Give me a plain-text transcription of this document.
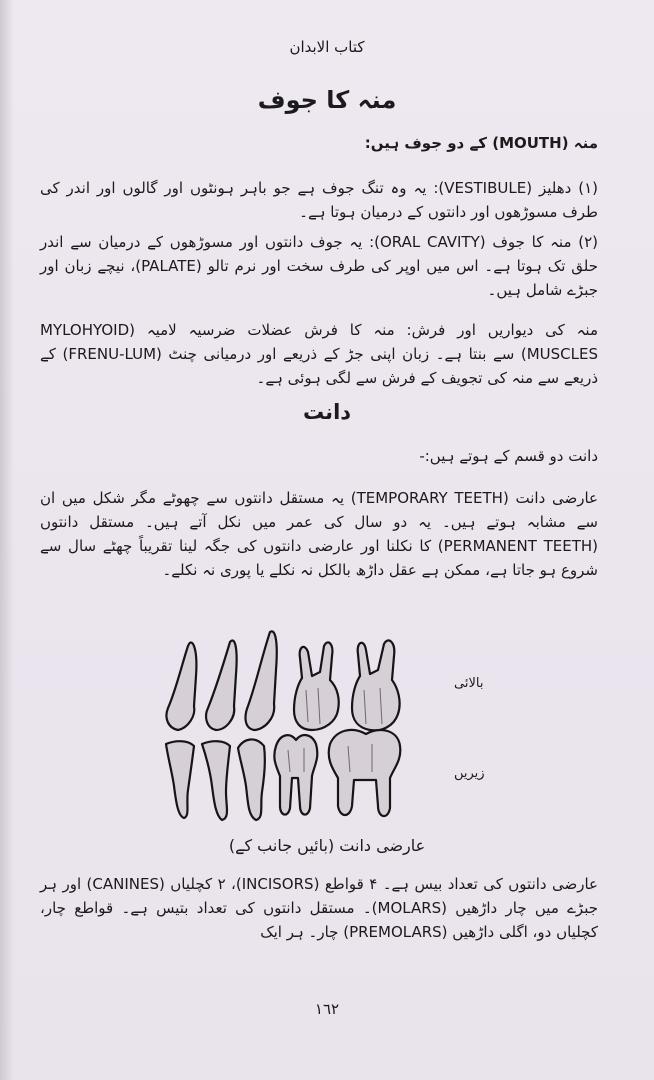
کتاب الابدان

منہ کا جوف

منہ (MOUTH) کے دو جوف ہیں:

(١) دھلیز (VESTIBULE): یہ وہ تنگ جوف ہے جو باہر ہونٹوں اور گالوں اور اندر کی طرف مسوڑھوں اور دانتوں کے درمیان ہوتا ہے۔

(٢) منہ کا جوف (ORAL CAVITY): یہ جوف دانتوں اور مسوڑھوں کے درمیان سے اندر حلق تک ہوتا ہے۔ اس میں اوپر کی طرف سخت اور نرم تالو (PALATE)، نیچے زبان اور جبڑے شامل ہیں۔

منہ کی دیواریں اور فرش: منہ کا فرش عضلات ضرسیہ لامیہ (MYLOHYOID MUSCLES) سے بنتا ہے۔ زبان اپنی جڑ کے ذریعے اور درمیانی چنٹ (FRENU-LUM) کے ذریعے سے منہ کی تجویف کے فرش سے لگی ہوئی ہے۔

دانت

دانت دو قسم کے ہوتے ہیں:-

عارضی دانت (TEMPORARY TEETH) یہ مستقل دانتوں سے چھوٹے مگر شکل میں ان سے مشابہ ہوتے ہیں۔ یہ دو سال کی عمر میں نکل آتے ہیں۔ مستقل دانتوں (PERMANENT TEETH) کا نکلنا اور عارضی دانتوں کی جگہ لینا تقریباً چھٹے سال سے شروع ہو جاتا ہے، ممکن ہے عقل داڑھ بالکل نہ نکلے یا پوری نہ نکلے۔

بالائی
زیریں

عارضی دانت (بائیں جانب کے)

عارضی دانتوں کی تعداد بیس ہے۔ ۴ قواطع (INCISORS)، ۲ کچلیاں (CANINES) اور ہر جبڑے میں چار داڑھیں (MOLARS)۔ مستقل دانتوں کی تعداد بتیس ہے۔ قواطع چار، کچلیاں دو، اگلی داڑھیں (PREMOLARS) چار۔ ہر ایک

١٦٢
